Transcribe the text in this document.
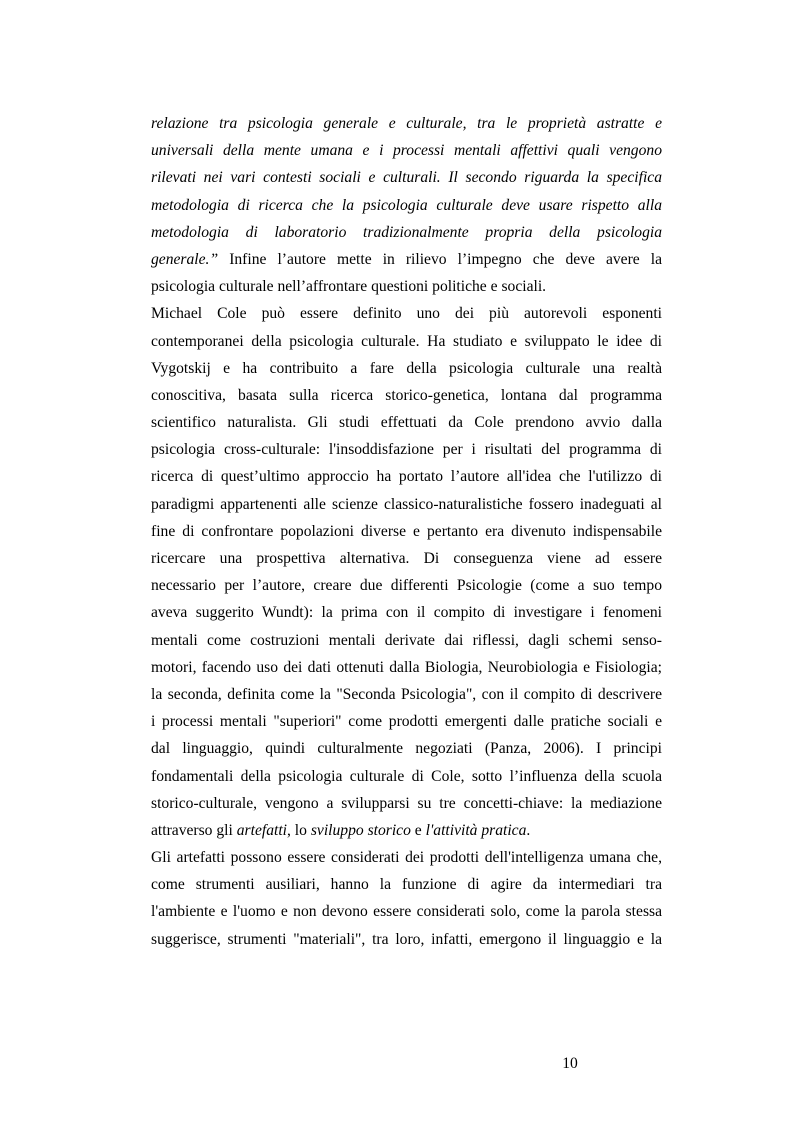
relazione tra psicologia generale e culturale, tra le proprietà astratte e
universali della mente umana e i processi mentali affettivi quali vengono
rilevati nei vari contesti sociali e culturali. Il secondo riguarda la specifica
metodologia di ricerca che la psicologia culturale deve usare rispetto alla
metodologia di laboratorio tradizionalmente propria della psicologia
generale.” Infine l’autore mette in rilievo l’impegno che deve avere la
psicologia culturale nell’affrontare questioni politiche e sociali.

Michael Cole può essere definito uno dei più autorevoli esponenti
contemporanei della psicologia culturale. Ha studiato e sviluppato le idee di
Vygotskij e ha contribuito a fare della psicologia culturale una realtà
conoscitiva, basata sulla ricerca storico-genetica, lontana dal programma
scientifico naturalista. Gli studi effettuati da Cole prendono avvio dalla
psicologia cross-culturale: l'insoddisfazione per i risultati del programma di
ricerca di quest’ultimo approccio ha portato l’autore all'idea che l'utilizzo di
paradigmi appartenenti alle scienze classico-naturalistiche fossero inadeguati al
fine di confrontare popolazioni diverse e pertanto era divenuto indispensabile
ricercare una prospettiva alternativa. Di conseguenza viene ad essere
necessario per l’autore, creare due differenti Psicologie (come a suo tempo
aveva suggerito Wundt): la prima con il compito di investigare i fenomeni
mentali come costruzioni mentali derivate dai riflessi, dagli schemi senso-
motori, facendo uso dei dati ottenuti dalla Biologia, Neurobiologia e Fisiologia;
la seconda, definita come la "Seconda Psicologia", con il compito di descrivere
i processi mentali "superiori" come prodotti emergenti dalle pratiche sociali e
dal linguaggio, quindi culturalmente negoziati (Panza, 2006). I principi
fondamentali della psicologia culturale di Cole, sotto l’influenza della scuola
storico-culturale, vengono a svilupparsi su tre concetti-chiave: la mediazione
attraverso gli artefatti, lo sviluppo storico e l'attività pratica.

Gli artefatti possono essere considerati dei prodotti dell'intelligenza umana che,
come strumenti ausiliari, hanno la funzione di agire da intermediari tra
l'ambiente e l'uomo e non devono essere considerati solo, come la parola stessa
suggerisce, strumenti "materiali", tra loro, infatti, emergono il linguaggio e la

10
